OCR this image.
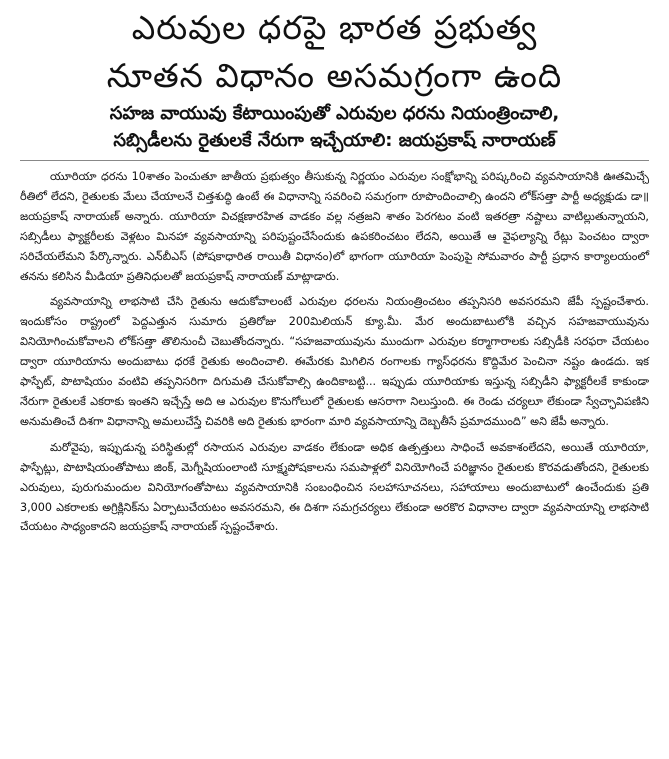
ఎరువుల ధరపై భారత ప్రభుత్వ
నూతన విధానం అసమగ్రంగా ఉంది
సహజ వాయువు కేటాయింపుతో ఎరువుల ధరను నియంత్రించాలి,
సబ్సిడీలను రైతులకే నేరుగా ఇచ్చేయాలి: జయప్రకాష్ నారాయణ్

యూరియా ధరను 10శాతం పెంచుతూ జాతీయ ప్రభుత్వం తీసుకున్న నిర్ణయం ఎరువుల సంక్షోభాన్ని పరిష్కరించి వ్యవసాయానికి ఊతమిచ్చే రీతిలో లేదని, రైతులకు మేలు చేయాలనే చిత్తశుద్ధి ఉంటే ఈ విధానాన్ని సవరించి సమగ్రంగా రూపొందించాల్సి ఉందని లోక్‌సత్తా పార్టీ అధ్యక్షుడు డా॥ జయప్రకాష్ నారాయణ్ అన్నారు. యూరియా విచక్షణారహిత వాడకం వల్ల నత్రజని శాతం పెరగటం వంటి ఇతరత్రా నష్టాలు వాటిల్లుతున్నాయని, సబ్సిడీలు ఫ్యాక్టరీలకు వెళ్లటం మినహా వ్యవసాయాన్ని పరిపుష్టంచేసేందుకు ఉపకరించటం లేదని, అయితే ఆ వైఫల్యాన్ని రేట్లు పెంచటం ద్వారా సరిచేయలేమని పేర్కొన్నారు. ఎన్‌బీఎస్ (పోషకాధారిత రాయితీ విధానం)లో భాగంగా యూరియా పెంపుపై సోమవారం పార్టీ ప్రధాన కార్యాలయంలో తనను కలిసిన మీడియా ప్రతినిధులతో జయప్రకాష్ నారాయణ్ మాట్లాడారు.

వ్యవసాయాన్ని లాభసాటి చేసి రైతును ఆదుకోవాలంటే ఎరువుల ధరలను నియంత్రించటం తప్పనిసరి అవసరమని జేపీ స్పష్టంచేశారు. ఇందుకోసం రాష్ట్రంలో పెద్దఎత్తున సుమారు ప్రతిరోజు 200మిలియన్ క్యూ.మీ. మేర అందుబాటులోకి వచ్చిన సహజవాయువును వినియోగించుకోవాలని లోక్‌సత్తా తొలినుంచీ చెబుతోందన్నారు. “సహజవాయువును ముందుగా ఎరువుల కర్మాగారాలకు సబ్సిడీకి సరఫరా చేయటం ద్వారా యూరియాను అందుబాటు ధరకే రైతుకు అందించాలి. ఈమేరకు మిగిలిన రంగాలకు గ్యాస్‌ధరను కొద్దిమేర పెంచినా నష్టం ఉండదు. ఇక ఫాస్ఫేట్, పొటాషియం వంటివి తప్పనిసరిగా దిగుమతి చేసుకోవాల్సి ఉందికాబట్టి... ఇప్పుడు యూరియాకు ఇస్తున్న సబ్సిడీని ఫ్యాక్టరీలకే కాకుండా నేరుగా రైతులకే ఎకరాకు ఇంతని ఇచ్చేస్తే అది ఆ ఎరువుల కొనుగోలులో రైతులకు ఆసరాగా నిలుస్తుంది. ఈ రెండు చర్యలూ లేకుండా స్వేచ్ఛావిపణిని అనుమతించే దిశగా విధానాన్ని అమలుచేస్తే చివరికి అది రైతుకు భారంగా మారి వ్యవసాయాన్ని దెబ్బతీసే ప్రమాదముంది” అని జేపీ అన్నారు.

మరోవైపు, ఇప్పుడున్న పరిస్థితుల్లో రసాయన ఎరువుల వాడకం లేకుండా అధిక ఉత్పత్తులు సాధించే అవకాశంలేదని, అయితే యూరియా, ఫాస్ఫేట్లు, పొటాషియంతోపాటు జింక్, మెగ్నీషియంలాంటి సూక్ష్మపోషకాలను సమపాళ్లలో వినియోగించే పరిజ్ఞానం రైతులకు కొరవడుతోందని, రైతులకు ఎరువులు, పురుగుమందుల వినియోగంతోపాటు వ్యవసాయానికి సంబంధించిన సలహాసూచనలు, సహాయాలు అందుబాటులో ఉంచేందుకు ప్రతి 3,000 ఎకరాలకు అగ్రిక్లినిక్‌ను ఏర్పాటుచేయటం అవసరమని, ఈ దిశగా సమగ్రచర్యలు లేకుండా అరకొర విధానాల ద్వారా వ్యవసాయాన్ని లాభసాటి చేయటం సాధ్యంకాదని జయప్రకాష్ నారాయణ్ స్పష్టంచేశారు.
